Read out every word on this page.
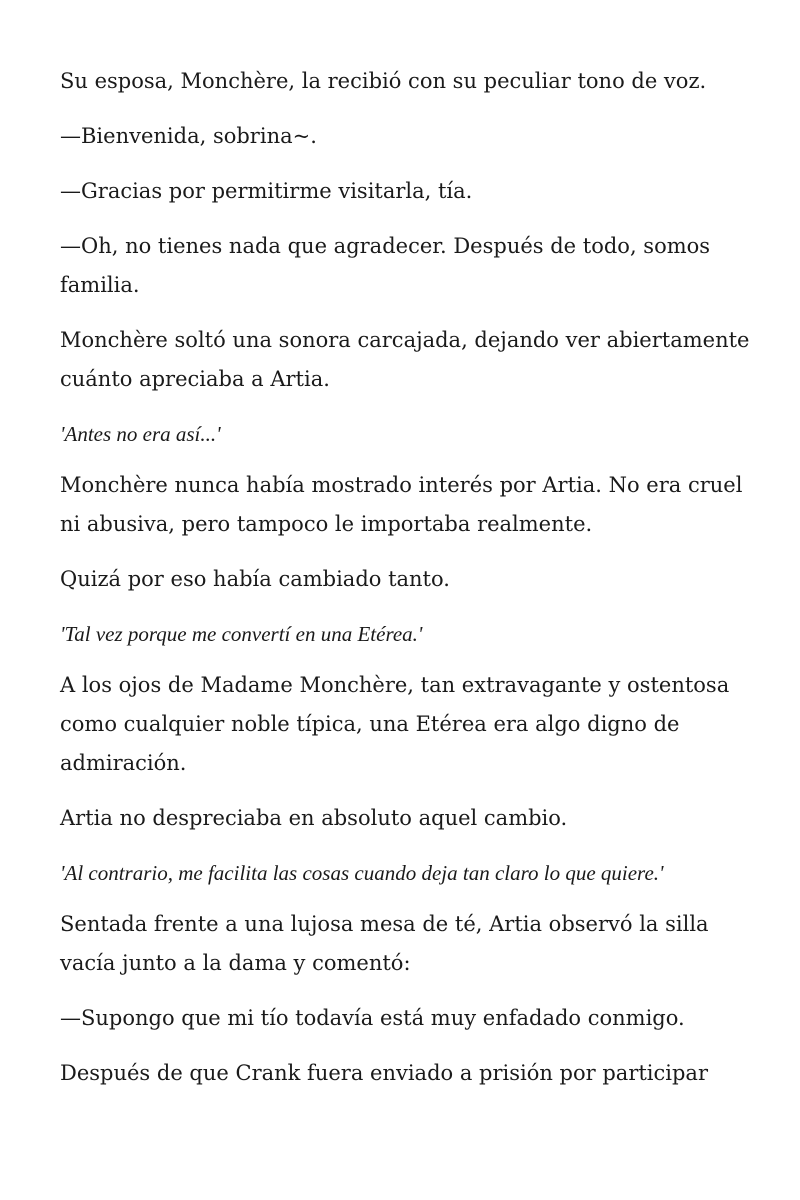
Su esposa, Monchère, la recibió con su peculiar tono de voz.

—Bienvenida, sobrina~.

—Gracias por permitirme visitarla, tía.

—Oh, no tienes nada que agradecer. Después de todo, somos familia.

Monchère soltó una sonora carcajada, dejando ver abiertamente cuánto apreciaba a Artia.

'Antes no era así...'

Monchère nunca había mostrado interés por Artia. No era cruel ni abusiva, pero tampoco le importaba realmente.

Quizá por eso había cambiado tanto.

'Tal vez porque me convertí en una Etérea.'

A los ojos de Madame Monchère, tan extravagante y ostentosa como cualquier noble típica, una Etérea era algo digno de admiración.

Artia no despreciaba en absoluto aquel cambio.

'Al contrario, me facilita las cosas cuando deja tan claro lo que quiere.'

Sentada frente a una lujosa mesa de té, Artia observó la silla vacía junto a la dama y comentó:

—Supongo que mi tío todavía está muy enfadado conmigo.

Después de que Crank fuera enviado a prisión por participar
